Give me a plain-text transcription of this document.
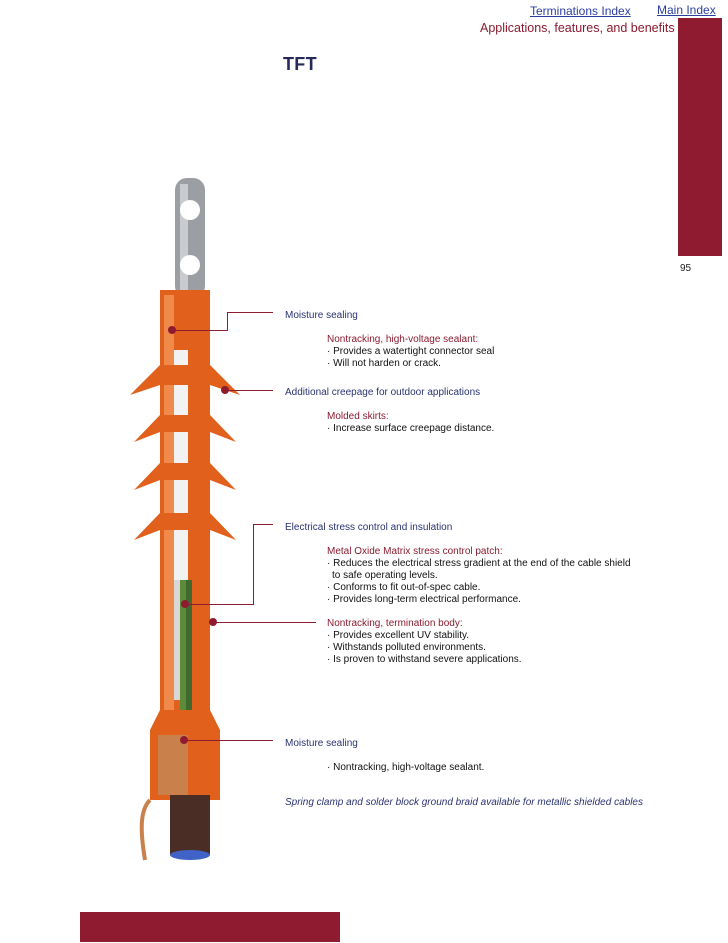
Terminations Index Main Index
Applications, features, and benefits
95
TFT
Moisture sealing
Nontracking, high-voltage sealant:
· Provides a watertight connector seal
· Will not harden or crack.
Additional creepage for outdoor applications
Molded skirts:
· Increase surface creepage distance.
Electrical stress control and insulation
Metal Oxide Matrix stress control patch:
· Reduces the electrical stress gradient at the end of the cable shield
to safe operating levels.
· Conforms to fit out-of-spec cable.
· Provides long-term electrical performance.
Nontracking, termination body:
· Provides excellent UV stability.
· Withstands polluted environments.
· Is proven to withstand severe applications.
Moisture sealing
· Nontracking, high-voltage sealant.
Spring clamp and solder block ground braid available for metallic shielded cables
